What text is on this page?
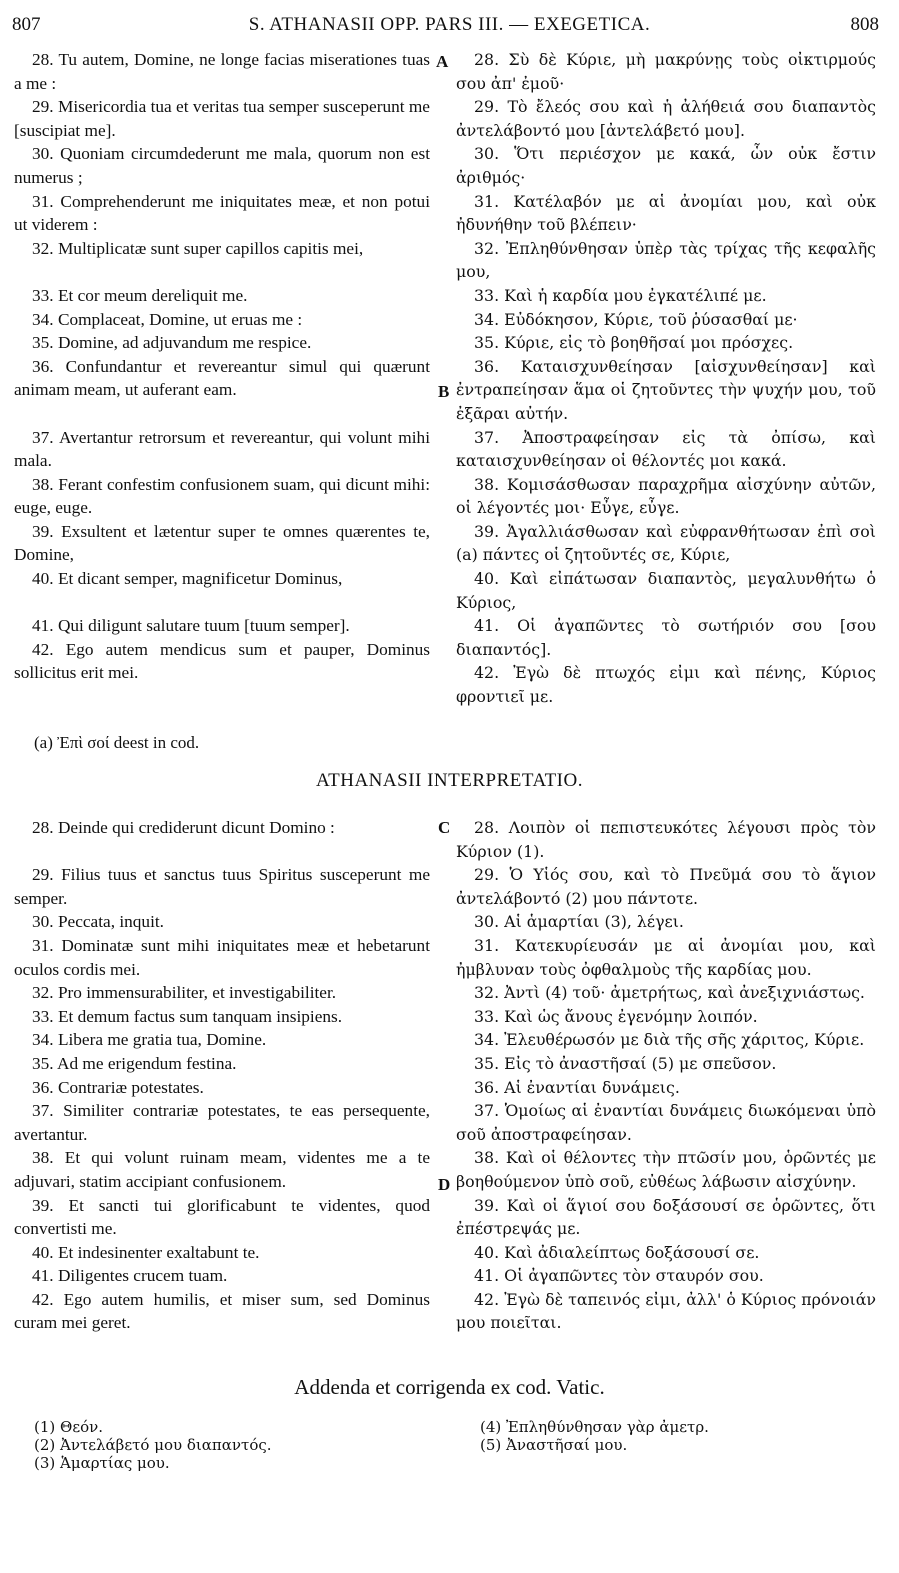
807	S. ATHANASII OPP. PARS III. — EXEGETICA.	808
28. Tu autem, Domine, ne longe facias miserationes tuas a me :
29. Misericordia tua et veritas tua semper susceperunt me [suscipiat me].
30. Quoniam circumdederunt me mala, quorum non est numerus ;
31. Comprehenderunt me iniquitates meæ, et non potui ut viderem :
32. Multiplicatæ sunt super capillos capitis mei,
33. Et cor meum dereliquit me.
34. Complaceat, Domine, ut eruas me :
35. Domine, ad adjuvandum me respice.
36. Confundantur et revereantur simul qui quærunt animam meam, ut auferant eam.
37. Avertantur retrorsum et revereantur, qui volunt mihi mala.
38. Ferant confestim confusionem suam, qui dicunt mihi: euge, euge.
39. Exsultent et lætentur super te omnes quærentes te, Domine,
40. Et dicant semper, magnificetur Dominus,
41. Qui diligunt salutare tuum [tuum semper].
42. Ego autem mendicus sum et pauper, Dominus sollicitus erit mei.
28. Σὺ δὲ Κύριε, μὴ μακρύνῃς τοὺς οἰκτιρμούς σου ἀπ' ἐμοῦ·
29. Τὸ ἔλεός σου καὶ ἡ ἀλήθειά σου διαπαντὸς ἀντελάβοντό μου [ἀντελάβετό μου].
30. Ὅτι περιέσχον με κακά, ὧν οὐκ ἔστιν ἀριθμός·
31. Κατέλαβόν με αἱ ἀνομίαι μου, καὶ οὐκ ἠδυνήθην τοῦ βλέπειν·
32. Ἐπληθύνθησαν ὑπὲρ τὰς τρίχας τῆς κεφαλῆς μου,
33. Καὶ ἡ καρδία μου ἐγκατέλιπέ με.
34. Εὐδόκησον, Κύριε, τοῦ ῥύσασθαί με·
35. Κύριε, εἰς τὸ βοηθῆσαί μοι πρόσχες.
36. Καταισχυνθείησαν [αἰσχυνθείησαν] καὶ ἐντραπείησαν ἅμα οἱ ζητοῦντες τὴν ψυχήν μου, τοῦ ἐξᾶραι αὐτήν.
37. Ἀποστραφείησαν εἰς τὰ ὀπίσω, καὶ καταισχυνθείησαν οἱ θέλοντές μοι κακά.
38. Κομισάσθωσαν παραχρῆμα αἰσχύνην αὐτῶν, οἱ λέγοντές μοι· Εὖγε, εὖγε.
39. Ἀγαλλιάσθωσαν καὶ εὐφρανθήτωσαν ἐπὶ σοὶ (a) πάντες οἱ ζητοῦντές σε, Κύριε,
40. Καὶ εἰπάτωσαν διαπαντὸς, μεγαλυνθήτω ὁ Κύριος,
41. Οἱ ἀγαπῶντες τὸ σωτήριόν σου [σου διαπαντός].
42. Ἐγὼ δὲ πτωχός εἰμι καὶ πένης, Κύριος φροντιεῖ με.
A
B
(a) Ἐπὶ σοί deest in cod.
ATHANASII INTERPRETATIO.
28. Deinde qui crediderunt dicunt Domino :
29. Filius tuus et sanctus tuus Spiritus susceperunt me semper.
30. Peccata, inquit.
31. Dominatæ sunt mihi iniquitates meæ et hebetarunt oculos cordis mei.
32. Pro immensurabiliter, et investigabiliter.
33. Et demum factus sum tanquam insipiens.
34. Libera me gratia tua, Domine.
35. Ad me erigendum festina.
36. Contrariæ potestates.
37. Similiter contrariæ potestates, te eas persequente, avertantur.
38. Et qui volunt ruinam meam, videntes me a te adjuvari, statim accipiant confusionem.
39. Et sancti tui glorificabunt te videntes, quod convertisti me.
40. Et indesinenter exaltabunt te.
41. Diligentes crucem tuam.
42. Ego autem humilis, et miser sum, sed Dominus curam mei geret.
28. Λοιπὸν οἱ πεπιστευκότες λέγουσι πρὸς τὸν Κύριον (1).
29. Ὁ Υἱός σου, καὶ τὸ Πνεῦμά σου τὸ ἅγιον ἀντελάβοντό (2) μου πάντοτε.
30. Αἱ ἁμαρτίαι (3), λέγει.
31. Κατεκυρίευσάν με αἱ ἀνομίαι μου, καὶ ἠμβλυναν τοὺς ὀφθαλμοὺς τῆς καρδίας μου.
32. Ἀντὶ (4) τοῦ· ἀμετρήτως, καὶ ἀνεξιχνιάστως.
33. Καὶ ὡς ἄνους ἐγενόμην λοιπόν.
34. Ἐλευθέρωσόν με διὰ τῆς σῆς χάριτος, Κύριε.
35. Εἰς τὸ ἀναστῆσαί (5) με σπεῦσον.
36. Αἱ ἐναντίαι δυνάμεις.
37. Ὁμοίως αἱ ἐναντίαι δυνάμεις διωκόμεναι ὑπὸ σοῦ ἀποστραφείησαν.
38. Καὶ οἱ θέλοντες τὴν πτῶσίν μου, ὁρῶντές με βοηθούμενον ὑπὸ σοῦ, εὐθέως λάβωσιν αἰσχύνην.
39. Καὶ οἱ ἅγιοί σου δοξάσουσί σε ὁρῶντες, ὅτι ἐπέστρεψάς με.
40. Καὶ ἀδιαλείπτως δοξάσουσί σε.
41. Οἱ ἀγαπῶντες τὸν σταυρόν σου.
42. Ἐγὼ δὲ ταπεινός εἰμι, ἀλλ' ὁ Κύριος πρόνοιάν μου ποιεῖται.
C
D
Addenda et corrigenda ex cod. Vatic.
(1) Θεόν.
(2) Ἀντελάβετό μου διαπαντός.
(3) Ἁμαρτίας μου.
(4) Ἐπληθύνθησαν γὰρ ἀμετρ.
(5) Ἀναστῆσαί μου.
